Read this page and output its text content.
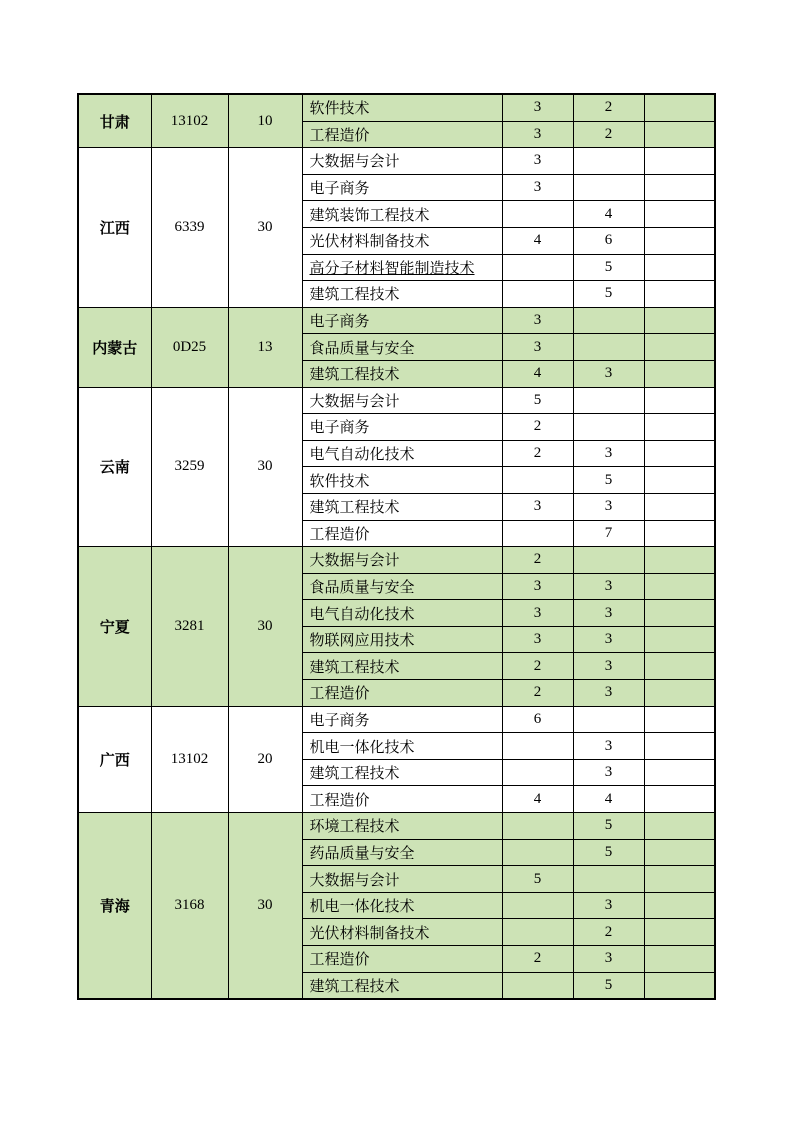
甘肃	13102	10	软件技术	3	2	
			工程造价	3	2	
江西	6339	30	大数据与会计	3		
			电子商务	3		
			建筑装饰工程技术		4	
			光伏材料制备技术	4	6	
			高分子材料智能制造技术		5	
			建筑工程技术		5	
内蒙古	0D25	13	电子商务	3		
			食品质量与安全	3		
			建筑工程技术	4	3	
云南	3259	30	大数据与会计	5		
			电子商务	2		
			电气自动化技术	2	3	
			软件技术		5	
			建筑工程技术	3	3	
			工程造价		7	
宁夏	3281	30	大数据与会计	2		
			食品质量与安全	3	3	
			电气自动化技术	3	3	
			物联网应用技术	3	3	
			建筑工程技术	2	3	
			工程造价	2	3	
广西	13102	20	电子商务	6		
			机电一体化技术		3	
			建筑工程技术		3	
			工程造价	4	4	
青海	3168	30	环境工程技术		5	
			药品质量与安全		5	
			大数据与会计	5		
			机电一体化技术		3	
			光伏材料制备技术		2	
			工程造价	2	3	
			建筑工程技术		5	
